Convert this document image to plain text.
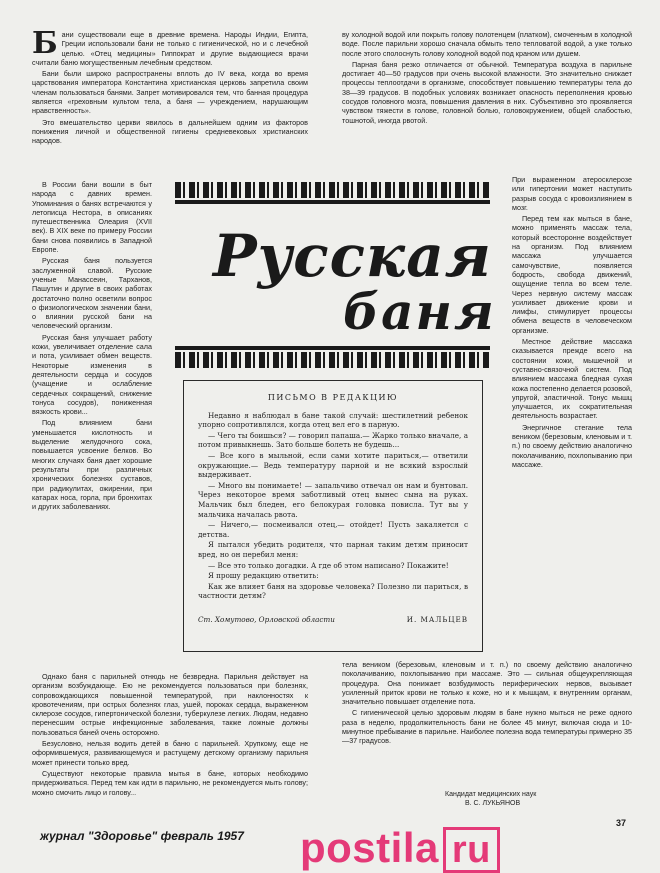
Бани существовали еще в древние времена. Народы Индии, Египта, Греции использовали бани не только с гигиенической, но и с лечебной целью. «Отец медицины» Гиппократ и другие выдающиеся врачи считали баню могущественным лечебным средством.

Бани были широко распространены вплоть до IV века, когда во время царствования императора Константина христианская церковь запретила своим членам пользоваться банями. Запрет мотивировался тем, что банная процедура является «греховным культом тела, а баня — учреждением, нарушающим нравственность».

Это вмешательство церкви явилось в дальнейшем одним из факторов понижения личной и общественной гигиены средневековых христианских народов.

В России бани вошли в быт народа с давних времен. Упоминания о банях встречаются у летописца Нестора, в описаниях путешественника Олеария (XVII век). В XIX веке по примеру России бани снова появились в Западной Европе.

Русская баня пользуется заслуженной славой. Русские ученые Манассеин, Тарханов, Пашутин и другие в своих работах достаточно полно осветили вопрос о физиологическом значении бани, о влиянии русской бани на человеческий организм.

Русская баня улучшает работу кожи, увеличивает отделение сала и пота, усиливает обмен веществ. Некоторые изменения в деятельности сердца и сосудов (учащение и ослабление сердечных сокращений, снижение тонуса сосудов), пониженная вязкость крови...

Под влиянием бани уменьшается кислотность и выделение желудочного сока, повышается усвоение белков. Во многих случаях баня дает хорошие результаты при различных хронических болезнях суставов, при радикулитах, ожирении, при катарах носа, горла, при бронхитах и других заболеваниях.

ву холодной водой или покрыть голову полотенцем (платком), смоченным в холодной воде. После парильни хорошо сначала обмыть тело тепловатой водой, а уже только после этого сполоснуть голову холодной водой под краном или душем.

Парная баня резко отличается от обычной. Температура воздуха в парильне достигает 40—50 градусов при очень высокой влажности. Это значительно снижает процессы теплоотдачи в организме, способствует повышению температуры тела до 38—39 градусов. В подобных условиях возникает опасность переполнения кровью сосудов головного мозга, повышения давления в них. Субъективно это проявляется чувством тяжести в голове, головной болью, головокружением, общей слабостью, тошнотой, иногда рвотой.

При выраженном атеросклерозе или гипертонии может наступить разрыв сосуда с кровоизлиянием в мозг.

Перед тем как мыться в бане, можно применять массаж тела, который всесторонне воздействует на организм. Под влиянием массажа улучшается самочувствие, появляется бодрость, свобода движений, ощущение тепла во всем теле. Через нервную систему массаж усиливает движение крови и лимфы, стимулирует процессы обмена веществ в человеческом организме.

Местное действие массажа сказывается прежде всего на состоянии кожи, мышечной и суставно-связочной систем. Под влиянием массажа бледная сухая кожа постепенно делается розовой, упругой, эластичной. Тонус мышц улучшается, их сократительная деятельность возрастает.

Энергичное стегание тела веником (березовым, кленовым и т. п.) по своему действию аналогично поколачиванию, похлопыванию при массаже.

Русская
баня
ПИСЬМО В РЕДАКЦИЮ

Недавно я наблюдал в бане такой случай: шестилетний ребенок упорно сопротивлялся, когда отец вел его в парную.

— Чего ты боишься? — говорил папаша.— Жарко только вначале, а потом привыкнешь. Зато больше болеть не будешь...

— Все кого в мыльной, если сами хотите париться,— ответили окружающие.— Ведь температуру парной и не всякий взрослый выдерживает.

— Много вы понимаете! — запальчиво отвечал он нам и бунтовал. Через некоторое время заботливый отец вынес сына на руках. Мальчик был бледен, его белокурая головка повисла. Тут вы у мальчика началась рвота.

— Ничего,— посмеивался отец,— отойдет! Пусть закаляется с детства.

Я пытался убедить родителя, что парная таким детям приносит вред, но он перебил меня:

— Все это только догадки. А где об этом написано? Покажите!

Я прошу редакцию ответить:

Как же влияет баня на здоровье человека? Полезно ли париться, в частности детям?

Ст. Хомутово, Орловской области	И. МАЛЬЦЕВ

Однако баня с парильней отнюдь не безвредна. Парильня действует на организм возбуждающе. Ею не рекомендуется пользоваться при болезнях, сопровождающихся повышенной температурой, при наклонностях к кровотечениям, при острых болезнях глаз, ушей, пороках сердца, выраженном склерозе сосудов, гипертонической болезни, туберкулезе легких. Людям, недавно перенесшим острые инфекционные заболевания, также ложные должны пользоваться баней очень осторожно.

Безусловно, нельзя водить детей в баню с парильней. Хрупкому, еще не оформившемуся, развивающемуся и растущему детскому организму парильня может принести только вред.

Существуют некоторые правила мытья в бане, которых необходимо придерживаться. Перед тем как идти в парильню, не рекомендуется мыть голову; можно смочить лицо и голову...

тела веником (березовым, кленовым и т. п.) по своему действию аналогично поколачиванию, похлопыванию при массаже. Это — сильная общеукрепляющая процедура. Она понижает возбудимость периферических нервов, вызывает усиленный приток крови не только к коже, но и к мышцам, к внутренним органам, значительно повышает отделение пота.

С гигиенической целью здоровым людям в бане нужно мыться не реже одного раза в неделю, продолжительность бани не более 45 минут, включая сюда и 10-минутное пребывание в парильне. Наиболее полезна вода температуры примерно 35—37 градусов.

Кандидат медицинских наук
В. С. ЛУКЬЯНОВ
37
журнал "Здоровье" февраль 1957 postila ru
